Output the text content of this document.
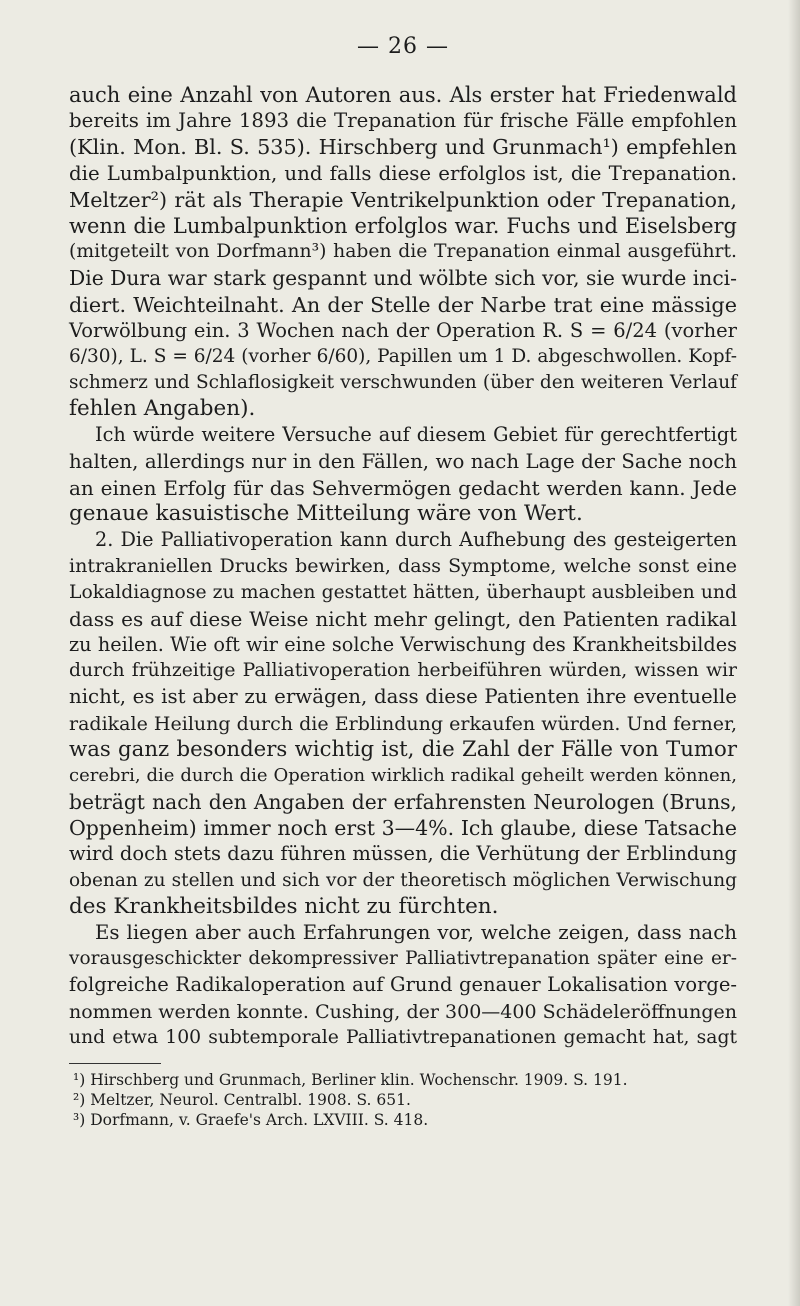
— 26 —
auch eine Anzahl von Autoren aus. Als erster hat Friedenwald
bereits im Jahre 1893 die Trepanation für frische Fälle empfohlen
(Klin. Mon. Bl. S. 535). Hirschberg und Grunmach¹) empfehlen
die Lumbalpunktion, und falls diese erfolglos ist, die Trepanation.
Meltzer²) rät als Therapie Ventrikelpunktion oder Trepanation,
wenn die Lumbalpunktion erfolglos war. Fuchs und Eiselsberg
(mitgeteilt von Dorfmann³) haben die Trepanation einmal ausgeführt.
Die Dura war stark gespannt und wölbte sich vor, sie wurde inci-
diert. Weichteilnaht. An der Stelle der Narbe trat eine mässige
Vorwölbung ein. 3 Wochen nach der Operation R. S = 6/24 (vorher
6/30), L. S = 6/24 (vorher 6/60), Papillen um 1 D. abgeschwollen. Kopf-
schmerz und Schlaflosigkeit verschwunden (über den weiteren Verlauf
fehlen Angaben).
Ich würde weitere Versuche auf diesem Gebiet für gerechtfertigt
halten, allerdings nur in den Fällen, wo nach Lage der Sache noch
an einen Erfolg für das Sehvermögen gedacht werden kann. Jede
genaue kasuistische Mitteilung wäre von Wert.
2. Die Palliativoperation kann durch Aufhebung des gesteigerten
intrakraniellen Drucks bewirken, dass Symptome, welche sonst eine
Lokaldiagnose zu machen gestattet hätten, überhaupt ausbleiben und
dass es auf diese Weise nicht mehr gelingt, den Patienten radikal
zu heilen. Wie oft wir eine solche Verwischung des Krankheitsbildes
durch frühzeitige Palliativoperation herbeiführen würden, wissen wir
nicht, es ist aber zu erwägen, dass diese Patienten ihre eventuelle
radikale Heilung durch die Erblindung erkaufen würden. Und ferner,
was ganz besonders wichtig ist, die Zahl der Fälle von Tumor
cerebri, die durch die Operation wirklich radikal geheilt werden können,
beträgt nach den Angaben der erfahrensten Neurologen (Bruns,
Oppenheim) immer noch erst 3—4%. Ich glaube, diese Tatsache
wird doch stets dazu führen müssen, die Verhütung der Erblindung
obenan zu stellen und sich vor der theoretisch möglichen Verwischung
des Krankheitsbildes nicht zu fürchten.
Es liegen aber auch Erfahrungen vor, welche zeigen, dass nach
vorausgeschickter dekompressiver Palliativtrepanation später eine er-
folgreiche Radikaloperation auf Grund genauer Lokalisation vorge-
nommen werden konnte. Cushing, der 300—400 Schädeleröffnungen
und etwa 100 subtemporale Palliativtrepanationen gemacht hat, sagt
¹) Hirschberg und Grunmach, Berliner klin. Wochenschr. 1909. S. 191.
²) Meltzer, Neurol. Centralbl. 1908. S. 651.
³) Dorfmann, v. Graefe's Arch. LXVIII. S. 418.
